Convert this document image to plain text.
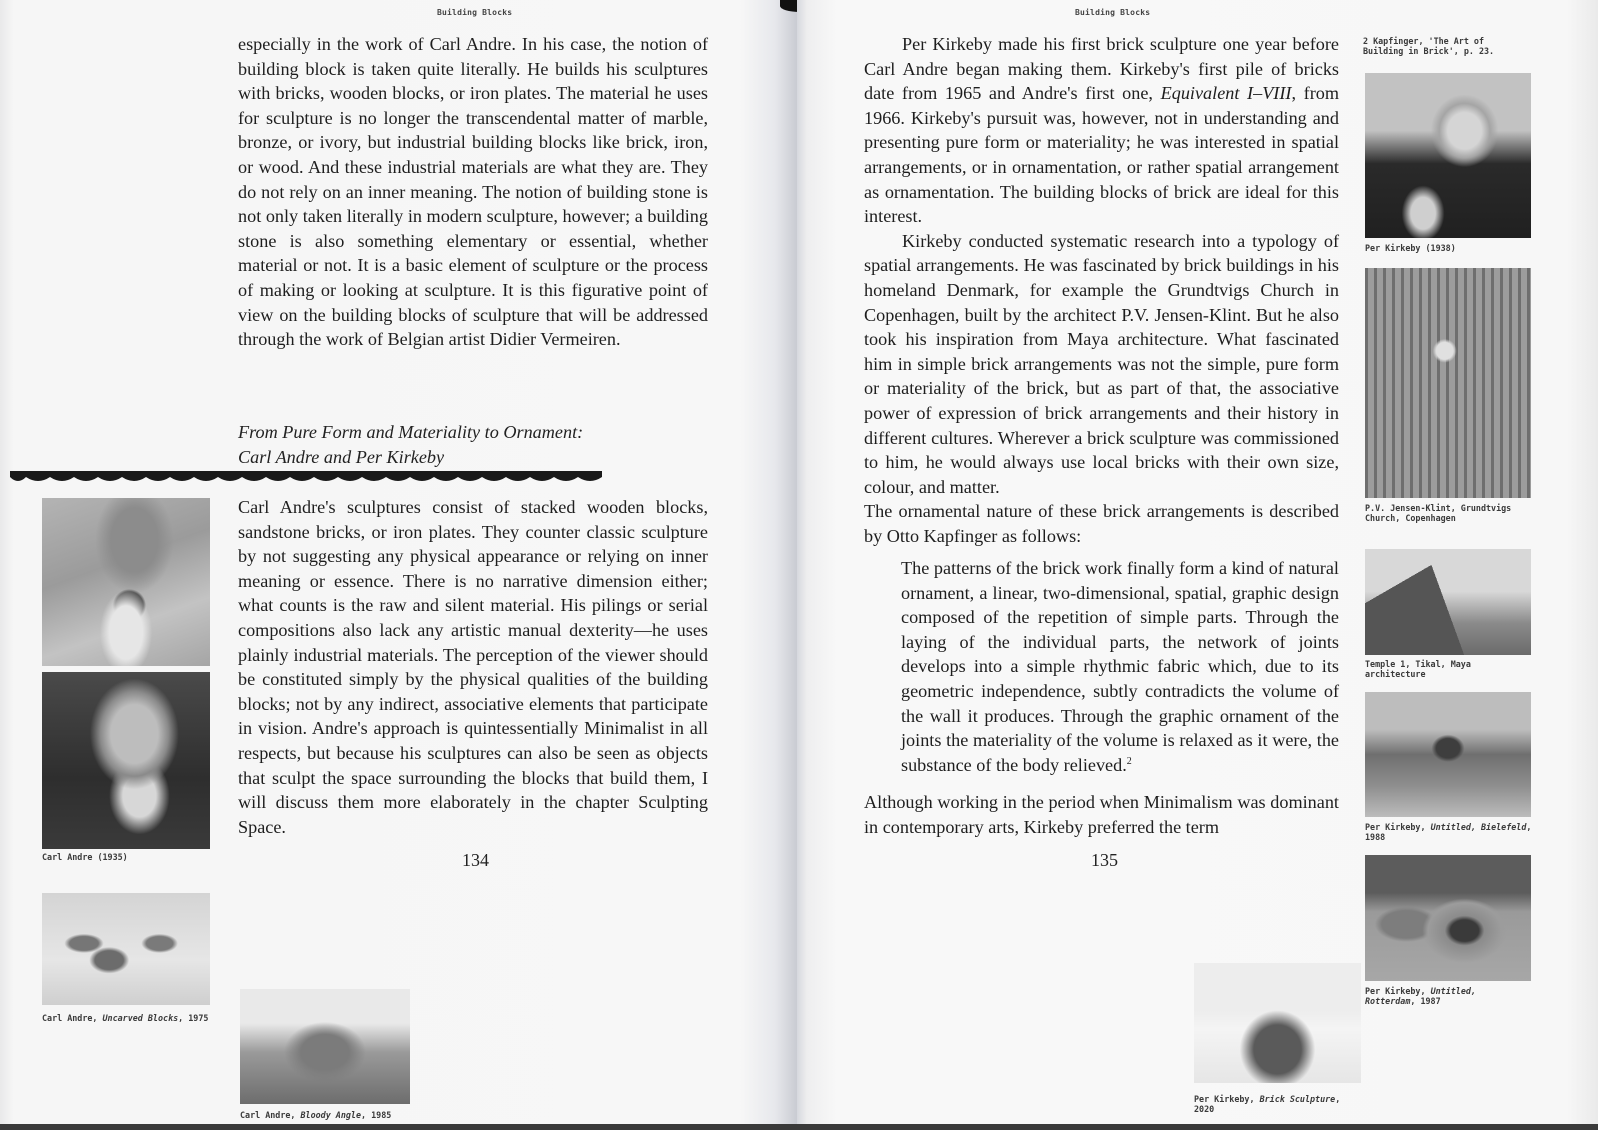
Building Blocks

especially in the work of Carl Andre. In his case, the notion of building block is taken quite literally. He builds his sculptures with bricks, wooden blocks, or iron plates. The material he uses for sculpture is no longer the transcendental matter of marble, bronze, or ivory, but industrial building blocks like brick, iron, or wood. And these industrial materials are what they are. They do not rely on an inner meaning. The notion of building stone is not only taken literally in modern sculpture, however; a building stone is also something elementary or essential, whether material or not. It is a basic element of sculpture or the process of making or looking at sculpture. It is this figurative point of view on the building blocks of sculpture that will be addressed through the work of Belgian artist Didier Vermeiren.

From Pure Form and Materiality to Ornament:
Carl Andre and Per Kirkeby

Carl Andre's sculptures consist of stacked wooden blocks, sandstone bricks, or iron plates. They counter classic sculpture by not suggesting any physical appearance or relying on inner meaning or essence. There is no narrative dimension either; what counts is the raw and silent material. His pilings or serial compositions also lack any artistic manual dexterity—he uses plainly industrial materials. The perception of the viewer should be constituted simply by the physical qualities of the building blocks; not by any indirect, associative elements that participate in vision. Andre's approach is quintessentially Minimalist in all respects, but because his sculptures can also be seen as objects that sculpt the space surrounding the blocks that build them, I will discuss them more elaborately in the chapter Sculpting Space.

134
Carl Andre (1935)
Carl Andre, Uncarved Blocks, 1975
Carl Andre, Bloody Angle, 1985
Building Blocks

Per Kirkeby made his first brick sculpture one year before Carl Andre began making them. Kirkeby's first pile of bricks date from 1965 and Andre's first one, Equivalent I–VIII, from 1966. Kirkeby's pursuit was, however, not in understanding and presenting pure form or materiality; he was interested in spatial arrangements, or in ornamentation, or rather spatial arrangement as ornamentation. The building blocks of brick are ideal for this interest.

Kirkeby conducted systematic research into a typology of spatial arrangements. He was fascinated by brick buildings in his homeland Denmark, for example the Grundtvigs Church in Copenhagen, built by the architect P.V. Jensen-Klint. But he also took his inspiration from Maya architecture. What fascinated him in simple brick arrangements was not the simple, pure form or materiality of the brick, but as part of that, the associative power of expression of brick arrangements and their history in different cultures. Wherever a brick sculpture was commissioned to him, he would always use local bricks with their own size, colour, and matter.

The ornamental nature of these brick arrangements is described by Otto Kapfinger as follows:

The patterns of the brick work finally form a kind of natural ornament, a linear, two-dimensional, spatial, graphic design composed of the repetition of simple parts. Through the laying of the individual parts, the network of joints develops into a simple rhythmic fabric which, due to its geometric independence, subtly contradicts the volume of the wall it produces. Through the graphic ornament of the joints the materiality of the volume is relaxed as it were, the substance of the body relieved.$^2$

Although working in the period when Minimalism was dominant in contemporary arts, Kirkeby preferred the term

135
2 Kapfinger, 'The Art of
Building in Brick', p. 23.
Per Kirkeby (1938)
P.V. Jensen-Klint, Grundtvigs
Church, Copenhagen
Temple 1, Tikal, Maya
architecture
Per Kirkeby, Untitled, Bielefeld,
1988
Per Kirkeby, Untitled,
Rotterdam, 1987
Per Kirkeby, Brick Sculpture,
2020
